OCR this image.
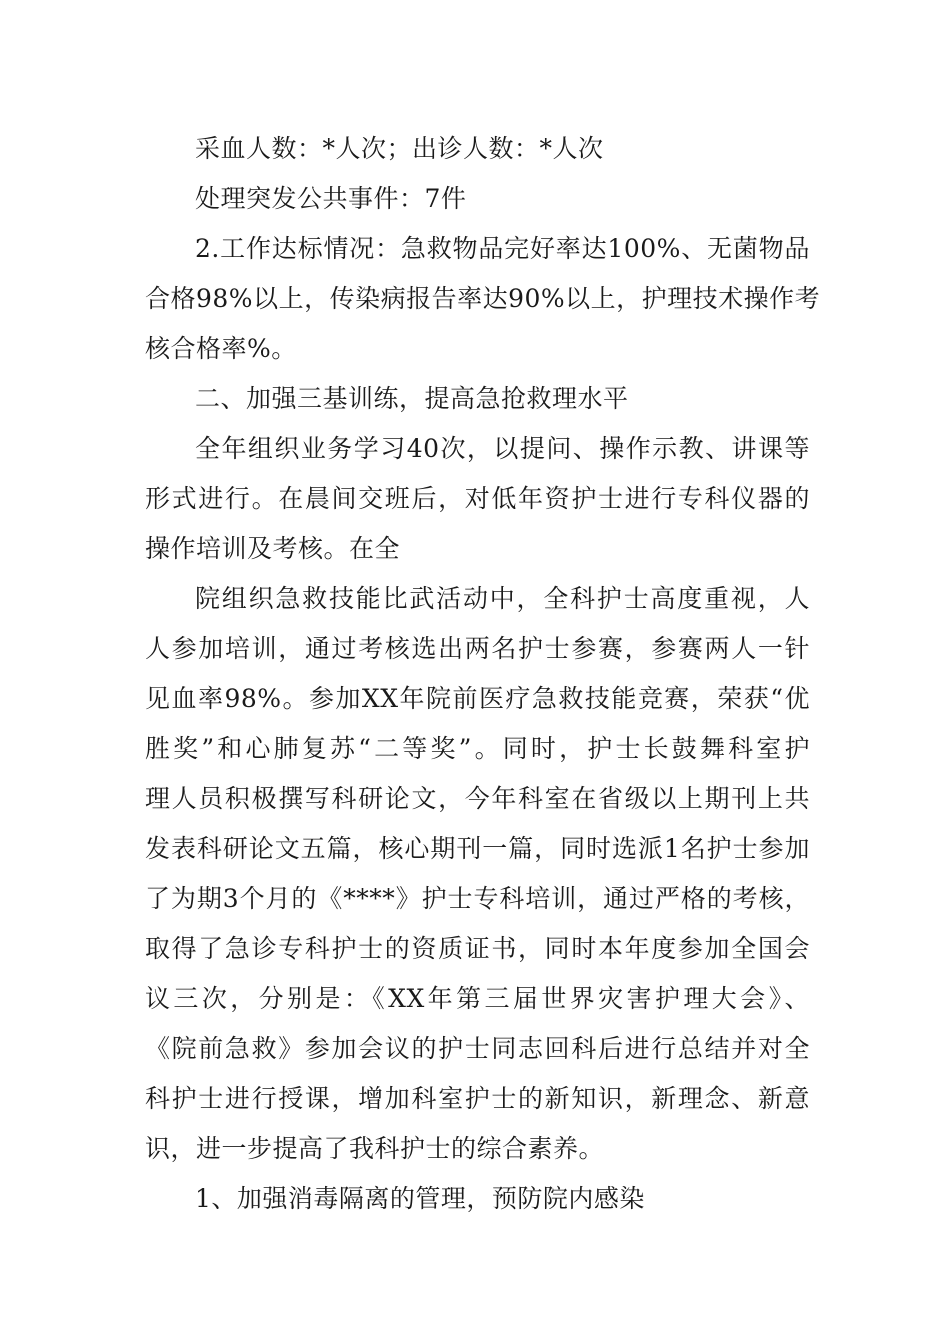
采血人数：*人次；出诊人数：*人次
处理突发公共事件：7件
2.工作达标情况：急救物品完好率达100%、无菌物品
合格98%以上，传染病报告率达90%以上，护理技术操作考
核合格率%。
二、加强三基训练，提高急抢救理水平
全年组织业务学习40次，以提问、操作示教、讲课等
形式进行。在晨间交班后，对低年资护士进行专科仪器的
操作培训及考核。在全
院组织急救技能比武活动中，全科护士高度重视，人
人参加培训，通过考核选出两名护士参赛，参赛两人一针
见血率98%。参加XX年院前医疗急救技能竞赛，荣获“优
胜奖”和心肺复苏“二等奖”。同时，护士长鼓舞科室护
理人员积极撰写科研论文，今年科室在省级以上期刊上共
发表科研论文五篇，核心期刊一篇，同时选派1名护士参加
了为期3个月的《****》护士专科培训，通过严格的考核，
取得了急诊专科护士的资质证书，同时本年度参加全国会
议三次，分别是：《XX年第三届世界灾害护理大会》、
《院前急救》参加会议的护士同志回科后进行总结并对全
科护士进行授课，增加科室护士的新知识，新理念、新意
识，进一步提高了我科护士的综合素养。
1、加强消毒隔离的管理，预防院内感染
